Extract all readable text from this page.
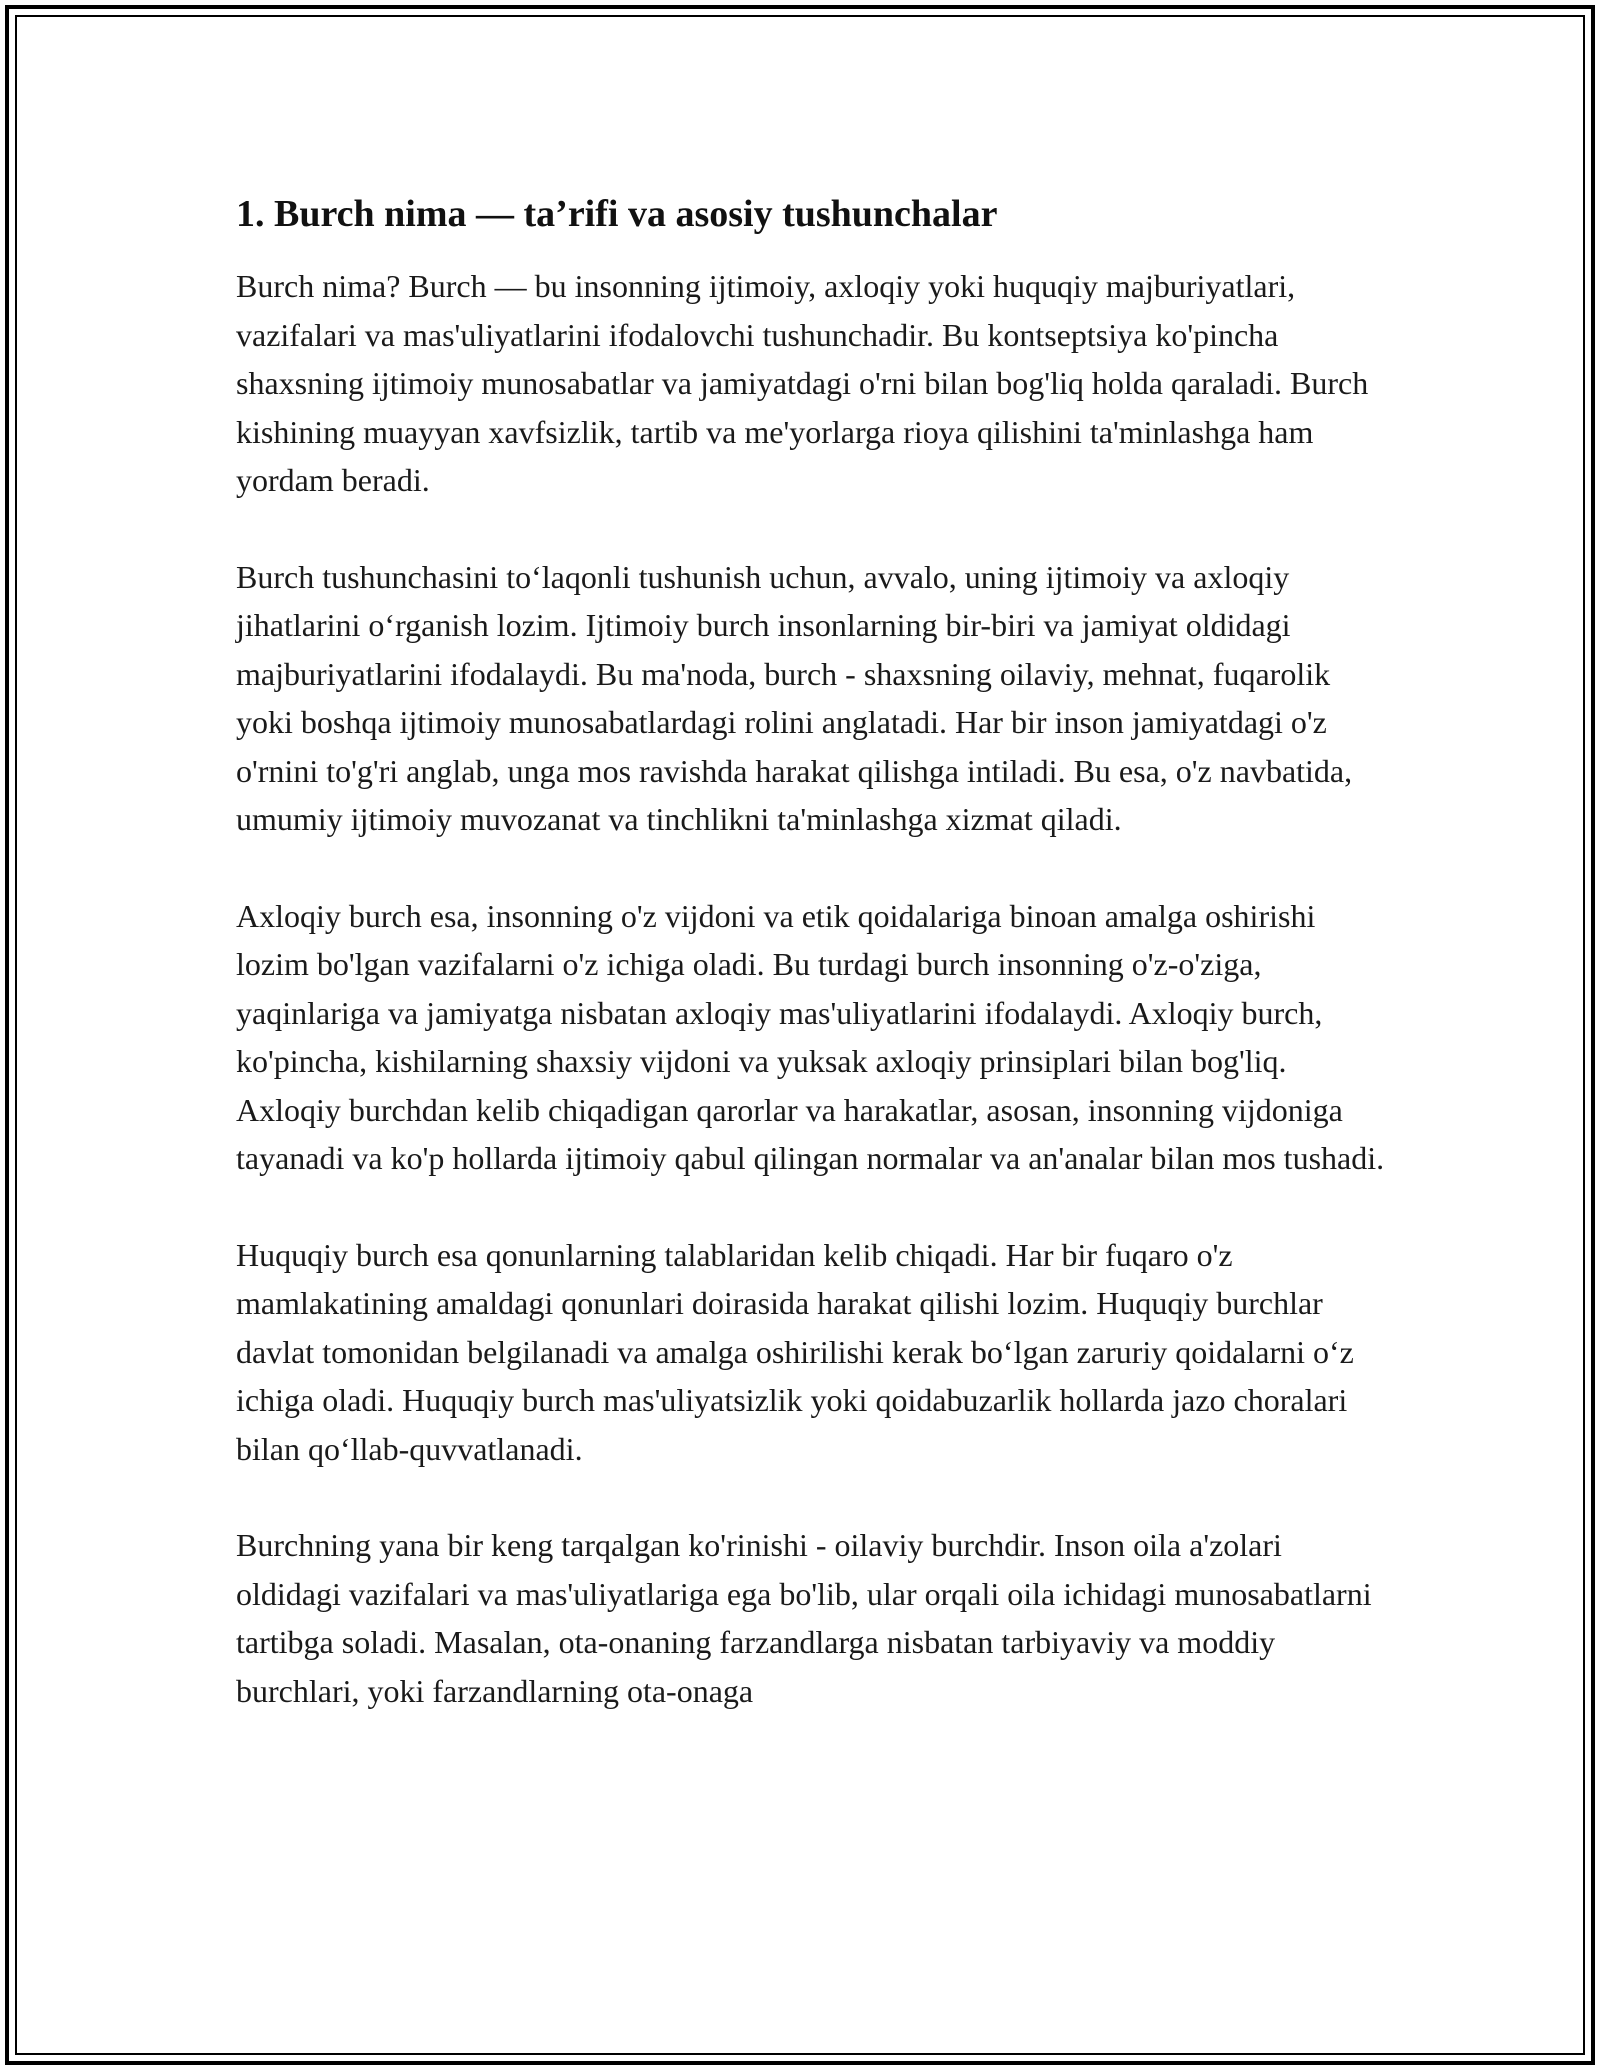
1. Burch nima — ta’rifi va asosiy tushunchalar

Burch nima? Burch — bu insonning ijtimoiy, axloqiy yoki huquqiy majburiyatlari, vazifalari va mas'uliyatlarini ifodalovchi tushunchadir. Bu kontseptsiya ko'pincha shaxsning ijtimoiy munosabatlar va jamiyatdagi o'rni bilan bog'liq holda qaraladi. Burch kishining muayyan xavfsizlik, tartib va me'yorlarga rioya qilishini ta'minlashga ham yordam beradi.

Burch tushunchasini to‘laqonli tushunish uchun, avvalo, uning ijtimoiy va axloqiy jihatlarini o‘rganish lozim. Ijtimoiy burch insonlarning bir-biri va jamiyat oldidagi majburiyatlarini ifodalaydi. Bu ma'noda, burch - shaxsning oilaviy, mehnat, fuqarolik yoki boshqa ijtimoiy munosabatlardagi rolini anglatadi. Har bir inson jamiyatdagi o'z o'rnini to'g'ri anglab, unga mos ravishda harakat qilishga intiladi. Bu esa, o'z navbatida, umumiy ijtimoiy muvozanat va tinchlikni ta'minlashga xizmat qiladi.

Axloqiy burch esa, insonning o'z vijdoni va etik qoidalariga binoan amalga oshirishi lozim bo'lgan vazifalarni o'z ichiga oladi. Bu turdagi burch insonning o'z-o'ziga, yaqinlariga va jamiyatga nisbatan axloqiy mas'uliyatlarini ifodalaydi. Axloqiy burch, ko'pincha, kishilarning shaxsiy vijdoni va yuksak axloqiy prinsiplari bilan bog'liq. Axloqiy burchdan kelib chiqadigan qarorlar va harakatlar, asosan, insonning vijdoniga tayanadi va ko'p hollarda ijtimoiy qabul qilingan normalar va an'analar bilan mos tushadi.

Huquqiy burch esa qonunlarning talablaridan kelib chiqadi. Har bir fuqaro o'z mamlakatining amaldagi qonunlari doirasida harakat qilishi lozim. Huquqiy burchlar davlat tomonidan belgilanadi va amalga oshirilishi kerak bo‘lgan zaruriy qoidalarni o‘z ichiga oladi. Huquqiy burch mas'uliyatsizlik yoki qoidabuzarlik hollarda jazo choralari bilan qo‘llab-quvvatlanadi.

Burchning yana bir keng tarqalgan ko'rinishi - oilaviy burchdir. Inson oila a'zolari oldidagi vazifalari va mas'uliyatlariga ega bo'lib, ular orqali oila ichidagi munosabatlarni tartibga soladi. Masalan, ota-onaning farzandlarga nisbatan tarbiyaviy va moddiy burchlari, yoki farzandlarning ota-onaga
